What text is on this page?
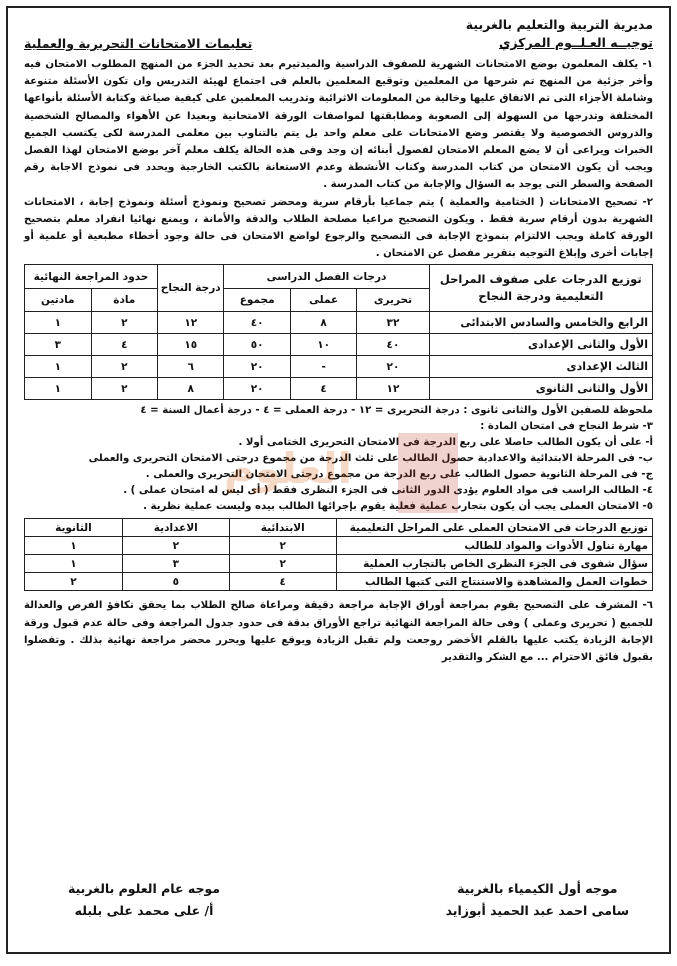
مديرية التربية والتعليم بالغربية
توجيــه العـلــوم المركزي
تعليمات الامتحانات التحريرية والعملية

١- يكلف المعلمون بوضع الامتحانات الشهرية للصفوف الدراسية والميدتيرم بعد تحديد الجزء من المنهج المطلوب الامتحان فيه وأخر جزئية من المنهج تم شرحها من المعلمين وتوقيع المعلمين بالعلم فى اجتماع لهيئة التدريس وان تكون الأسئلة متنوعة وشاملة الأجزاء التى تم الاتفاق عليها وخالية من المعلومات الاثرائية وتدريب المعلمين على كيفية صياغة وكتابة الأسئلة بأنواعها المختلفة وتدرجها من السهولة إلى الصعوبة ومطابقتها لمواصفات الورقة الامتحانية وبعيدا عن الأهواء والمصالح الشخصية والدروس الخصوصية ولا يقتصر وضع الامتحانات على معلم واحد بل يتم بالتناوب بين معلمى المدرسة لكى يكتسب الجميع الخبرات ويراعى أن لا يضع المعلم الامتحان لفصول أبنائه إن وجد وفى هذه الحالة يكلف معلم آخر بوضع الامتحان لهذا الفصل ويجب أن يكون الامتحان من كتاب المدرسة وكتاب الأنشطة وعدم الاستعانة بالكتب الخارجية ويحدد فى نموذج الاجابة رقم الصفحة والسطر التى يوجد به السؤال والإجابة من كتاب المدرسة .

٢- تصحيح الامتحانات ( الختامية والعملية ) يتم جماعيا بأرقام سرية ومحضر تصحيح ونموذج أسئلة ونموذج إجابة ، الامتحانات الشهرية بدون أرقام سرية فقط . ويكون التصحيح مراعيا مصلحة الطلاب والدقة والأمانة ، ويمنع نهائيا انفراد معلم بتصحيح الورقة كاملة ويجب الالتزام بنموذج الإجابة فى التصحيح والرجوع لواضع الامتحان فى حالة وجود أخطاء مطبعية أو علمية أو إجابات أخرى وإبلاغ التوجيه بتقرير مفصل عن الامتحان .

توزيع الدرجات على صفوف المراحل التعليمية ودرجة النجاح	درجات الفصل الدراسى			درجة النجاح	حدود المراجعة النهائية	
	تحريرى	عملى	مجموع		مادة	مادتين
الرابع والخامس والسادس الابتدائى	٣٢	٨	٤٠	١٢	٢	١
الأول والثانى الإعدادى	٤٠	١٠	٥٠	١٥	٤	٣
الثالث الإعدادى	٢٠	-	٢٠	٦	٢	١
الأول والثانى الثانوى	١٢	٤	٢٠	٨	٢	١

ملحوظة للصفين الأول والثانى ثانوى : درجة التحريرى = ١٢ - درجة العملى = ٤ - درجة أعمال السنة = ٤

٣- شرط النجاح فى امتحان المادة :

أ- على أن يكون الطالب حاصلا على ربع الدرجة فى الامتحان التحريرى الختامى أولا .

ب- فى المرحلة الابتدائية والاعدادية حصول الطالب على ثلث الدرجة من مجموع درجتى الامتحان التحريرى والعملى

ج- فى المرحلة الثانوية حصول الطالب على ربع الدرجة من مجموع درجتى الامتحان التحريرى والعملى .

٤- الطالب الراسب فى مواد العلوم يؤدى الدور الثانى فى الجزء النظرى فقط ( أى ليس له امتحان عملى ) .

٥- الامتحان العملى يجب أن يكون بتجارب عملية فعلية يقوم بإجرائها الطالب بيده وليست عملية نظرية .

توزيع الدرجات فى الامتحان العملى على المراحل التعليمية	الابتدائية	الاعدادية	الثانوية
مهارة تناول الأدوات والمواد للطالب	٢	٢	١
سؤال شفوى فى الجزء النظرى الخاص بالتجارب العملية	٢	٣	١
خطوات العمل والمشاهدة والاستنتاج التى كتبها الطالب	٤	٥	٢

٦- المشرف على التصحيح يقوم بمراجعة أوراق الإجابة مراجعة دقيقة ومراعاة صالح الطلاب بما يحقق تكافؤ الفرص والعدالة للجميع ( تحريرى وعملى ) وفى حالة المراجعة النهائية تراجع الأوراق بدقة فى حدود جدول المراجعة وفى حالة عدم قبول ورقة الإجابة الزيادة يكتب عليها بالقلم الأخضر روجعت ولم تقبل الزيادة ويوقع عليها ويحرر محضر مراجعة نهائية بذلك . وتفضلوا بقبول فائق الاحترام ... مع الشكر والتقدير

موجه أول الكيمياء بالغربية
سامى احمد عبد الحميد أبوزايد
موجه عام العلوم بالغربية
أ/ على محمد على بلبله
العلوم
